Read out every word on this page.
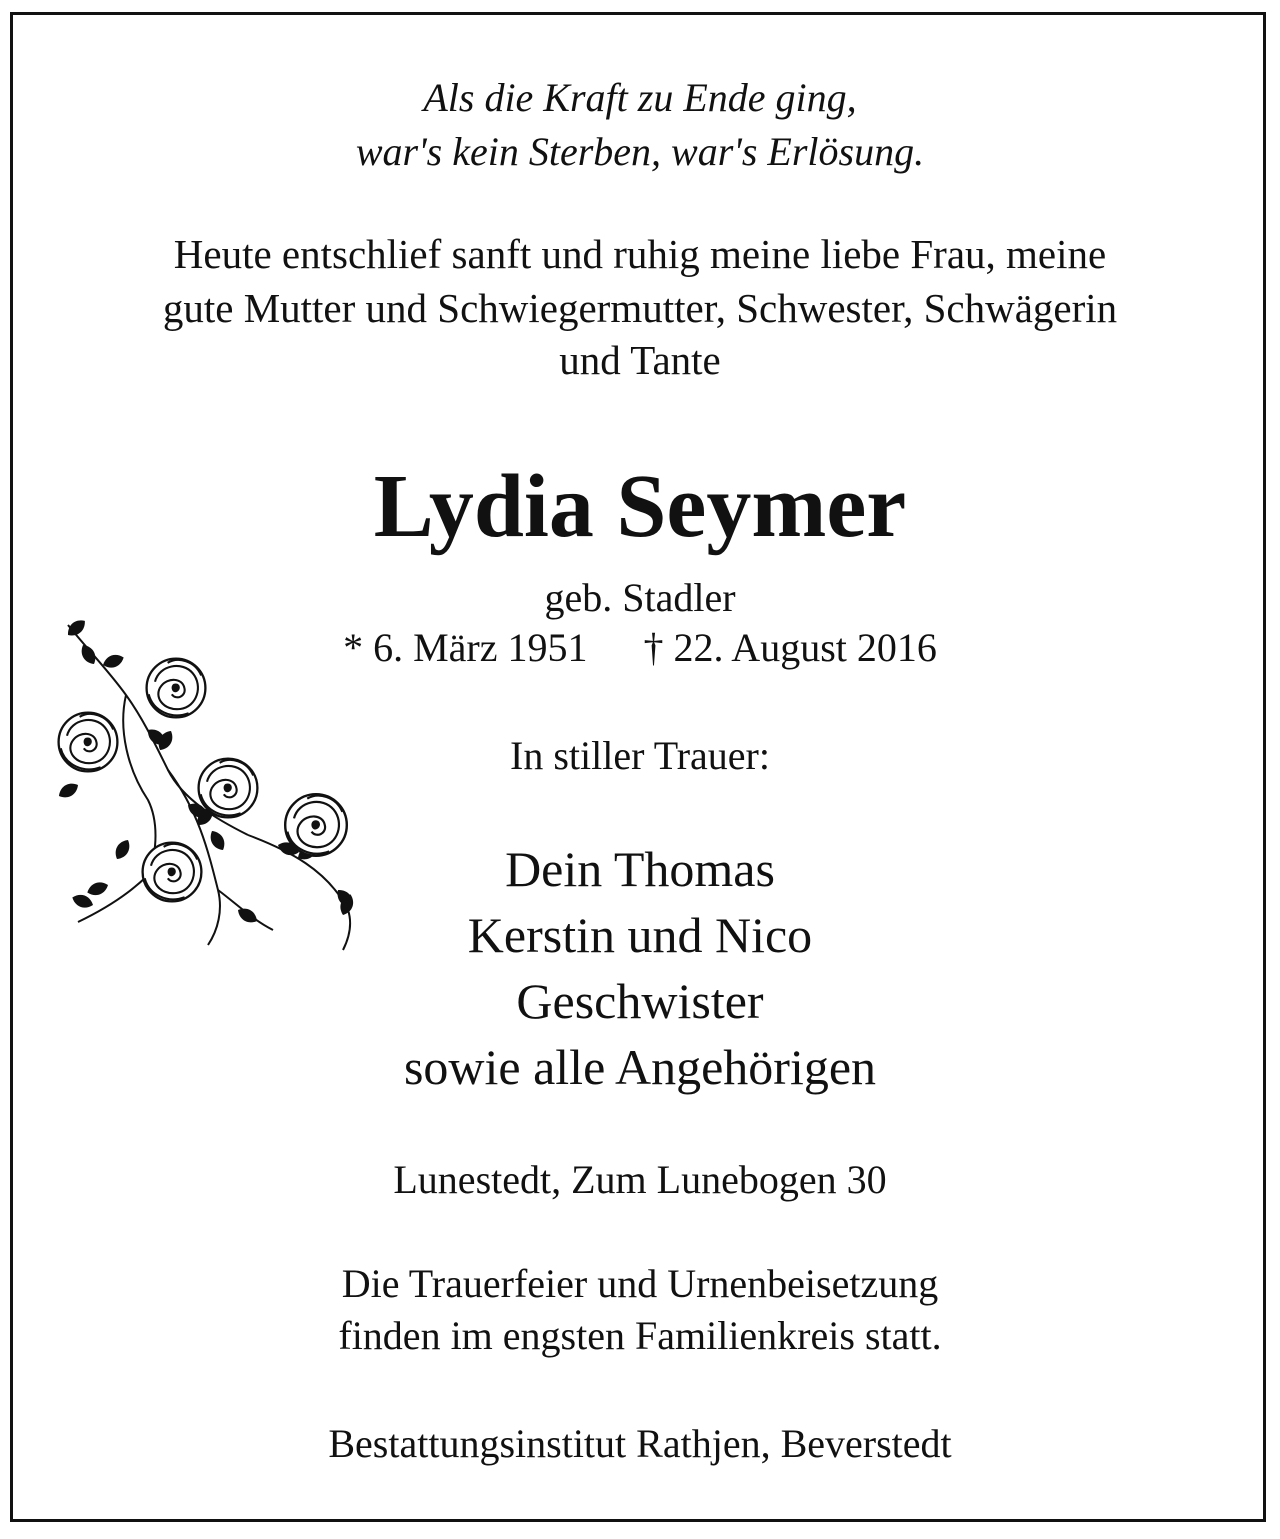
Als die Kraft zu Ende ging,
war's kein Sterben, war's Erlösung.
Heute entschlief sanft und ruhig meine liebe Frau, meine
gute Mutter und Schwiegermutter, Schwester, Schwägerin
und Tante
Lydia Seymer
geb. Stadler
* 6. März 1951 † 22. August 2016
In stiller Trauer:
Dein Thomas
Kerstin und Nico
Geschwister
sowie alle Angehörigen
Lunestedt, Zum Lunebogen 30
Die Trauerfeier und Urnenbeisetzung
finden im engsten Familienkreis statt.
Bestattungsinstitut Rathjen, Beverstedt
